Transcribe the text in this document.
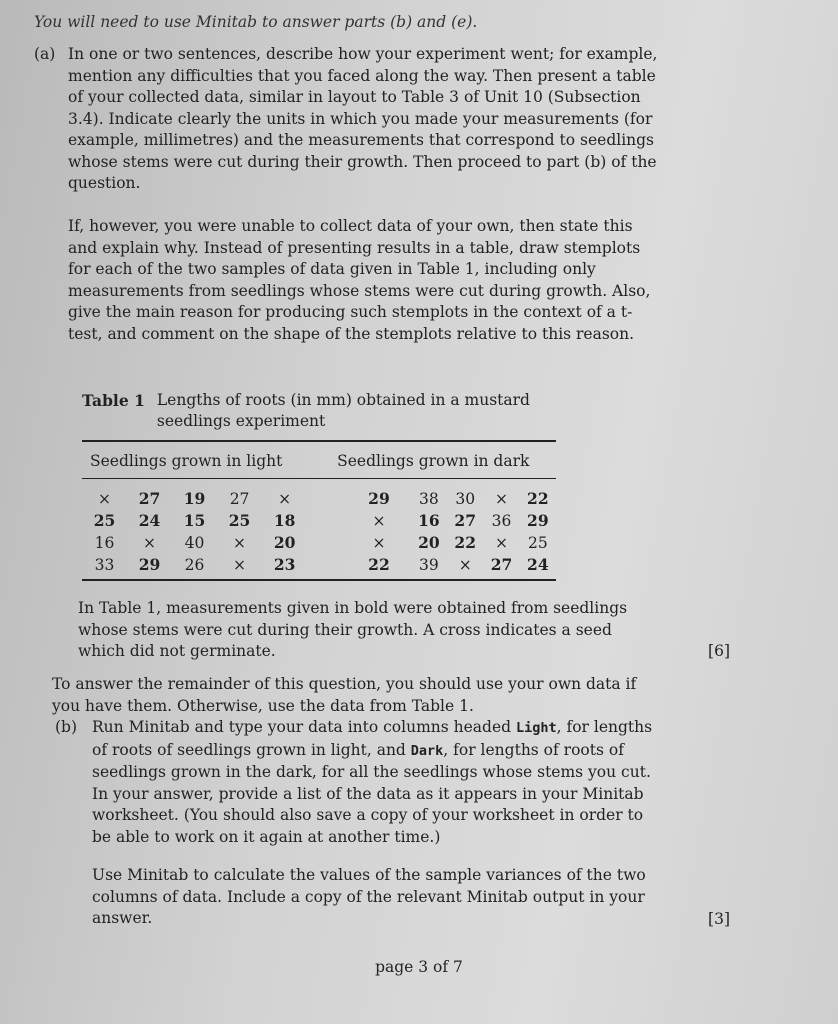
You will need to use Minitab to answer parts (b) and (e).
(a) In one or two sentences, describe how your experiment went; for example, mention any difficulties that you faced along the way. Then present a table of your collected data, similar in layout to Table 3 of Unit 10 (Subsection 3.4). Indicate clearly the units in which you made your measurements (for example, millimetres) and the measurements that correspond to seedlings whose stems were cut during their growth. Then proceed to part (b) of the question.
If, however, you were unable to collect data of your own, then state this and explain why. Instead of presenting results in a table, draw stemplots for each of the two samples of data given in Table 1, including only measurements from seedlings whose stems were cut during growth. Also, give the main reason for producing such stemplots in the context of a t-test, and comment on the shape of the stemplots relative to this reason.
Table 1 Lengths of roots (in mm) obtained in a mustard seedlings experiment
Seedlings grown in light	Seedlings grown in dark
×	27	19	27	×	29	38	30	×	22
25	24	15	25	18	×	16	27	36	29
16	×	40	×	20	×	20	22	×	25
33	29	26	×	23	22	39	×	27	24
In Table 1, measurements given in bold were obtained from seedlings whose stems were cut during their growth. A cross indicates a seed which did not germinate.	[6]
To answer the remainder of this question, you should use your own data if you have them. Otherwise, use the data from Table 1.
(b) Run Minitab and type your data into columns headed Light, for lengths of roots of seedlings grown in light, and Dark, for lengths of roots of seedlings grown in the dark, for all the seedlings whose stems you cut. In your answer, provide a list of the data as it appears in your Minitab worksheet. (You should also save a copy of your worksheet in order to be able to work on it again at another time.)
Use Minitab to calculate the values of the sample variances of the two columns of data. Include a copy of the relevant Minitab output in your answer.	[3]
page 3 of 7
